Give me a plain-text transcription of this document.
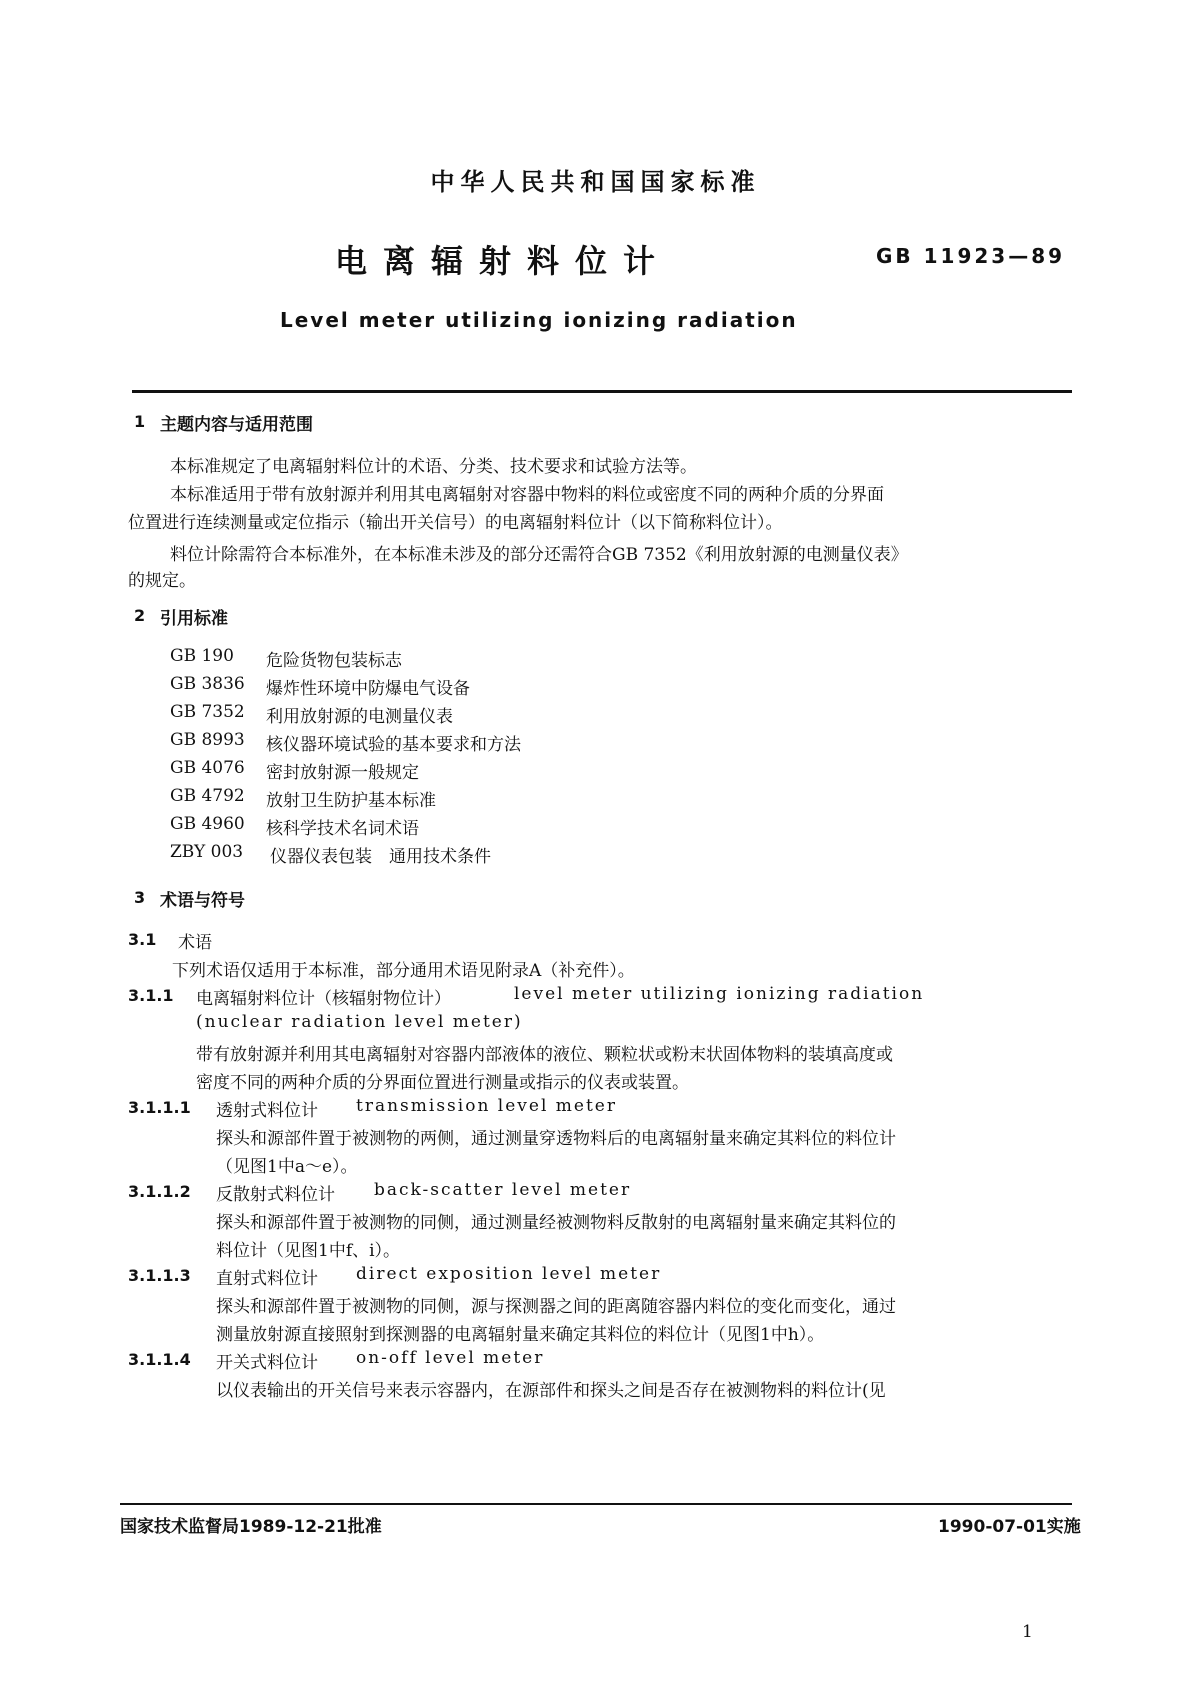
中华人民共和国国家标准
电离辐射料位计	GB 11923—89
Level meter utilizing ionizing radiation
1 主题内容与适用范围
本标准规定了电离辐射料位计的术语、分类、技术要求和试验方法等。
本标准适用于带有放射源并利用其电离辐射对容器中物料的料位或密度不同的两种介质的分界面
位置进行连续测量或定位指示（输出开关信号）的电离辐射料位计（以下简称料位计）。
料位计除需符合本标准外，在本标准未涉及的部分还需符合GB 7352《利用放射源的电测量仪表》
的规定。
2 引用标准
GB 190 危险货物包装标志
GB 3836 爆炸性环境中防爆电气设备
GB 7352 利用放射源的电测量仪表
GB 8993 核仪器环境试验的基本要求和方法
GB 4076 密封放射源一般规定
GB 4792 放射卫生防护基本标准
GB 4960 核科学技术名词术语
ZBY 003 仪器仪表包装　通用技术条件
3 术语与符号
3.1 术语
下列术语仅适用于本标准，部分通用术语见附录A（补充件）。
3.1.1 电离辐射料位计（核辐射物位计）	level meter utilizing ionizing radiation
(nuclear radiation level meter)
带有放射源并利用其电离辐射对容器内部液体的液位、颗粒状或粉末状固体物料的装填高度或
密度不同的两种介质的分界面位置进行测量或指示的仪表或装置。
3.1.1.1 透射式料位计 transmission level meter
探头和源部件置于被测物的两侧，通过测量穿透物料后的电离辐射量来确定其料位的料位计
（见图1中a～e）。
3.1.1.2 反散射式料位计 back-scatter level meter
探头和源部件置于被测物的同侧，通过测量经被测物料反散射的电离辐射量来确定其料位的
料位计（见图1中f、i）。
3.1.1.3 直射式料位计 direct exposition level meter
探头和源部件置于被测物的同侧，源与探测器之间的距离随容器内料位的变化而变化，通过
测量放射源直接照射到探测器的电离辐射量来确定其料位的料位计（见图1中h）。
3.1.1.4 开关式料位计 on-off level meter
以仪表输出的开关信号来表示容器内，在源部件和探头之间是否存在被测物料的料位计(见
国家技术监督局1989-12-21批准	1990-07-01实施
1
